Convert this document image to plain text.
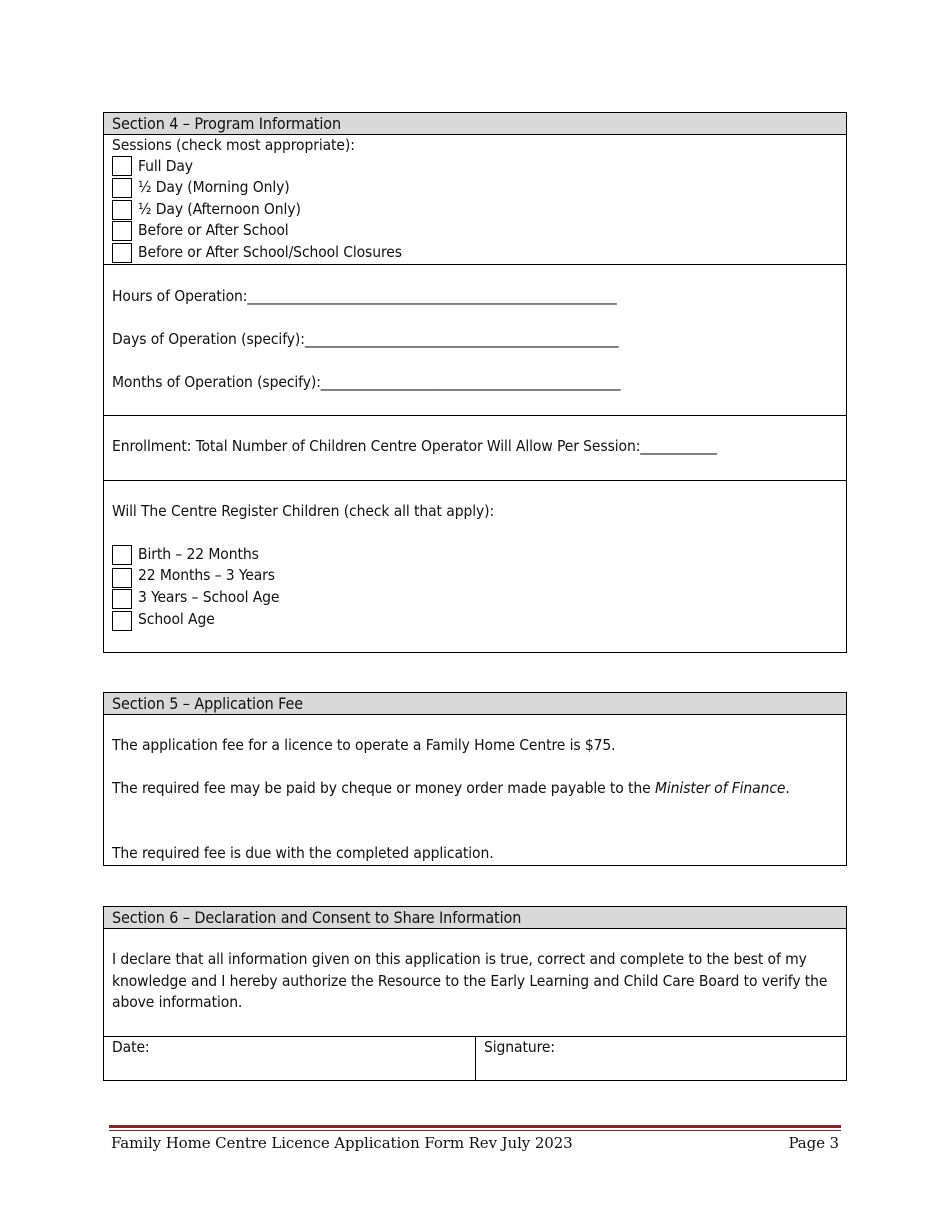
Section 4 – Program Information
Sessions (check most appropriate):
Full Day
½ Day (Morning Only)
½ Day (Afternoon Only)
Before or After School
Before or After School/School Closures
Hours of Operation:_____________________________________________________
Days of Operation (specify):_____________________________________________
Months of Operation (specify):___________________________________________
Enrollment: Total Number of Children Centre Operator Will Allow Per Session:___________
Will The Centre Register Children (check all that apply):
Birth – 22 Months
22 Months – 3 Years
3 Years – School Age
School Age
Section 5 – Application Fee
The application fee for a licence to operate a Family Home Centre is $75.
The required fee may be paid by cheque or money order made payable to the Minister of Finance.
The required fee is due with the completed application.
Section 6 – Declaration and Consent to Share Information
I declare that all information given on this application is true, correct and complete to the best of my knowledge and I hereby authorize the Resource to the Early Learning and Child Care Board to verify the above information.
Date:	Signature:
Family Home Centre Licence Application Form Rev July 2023	Page 3
